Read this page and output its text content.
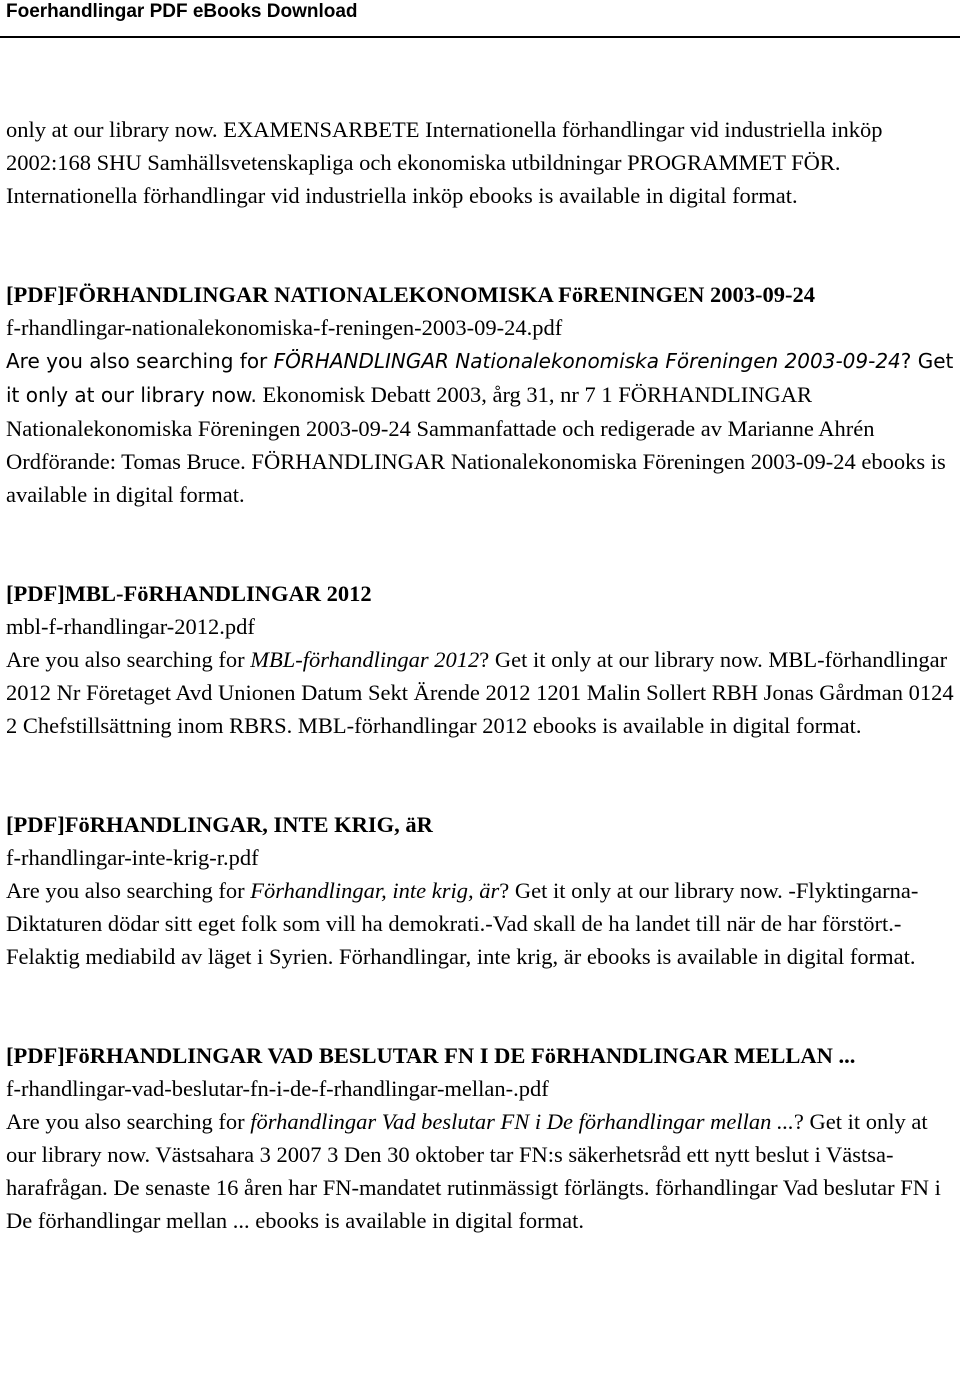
Foerhandlingar PDF eBooks Download

only at our library now. EXAMENSARBETE Internationella förhandlingar vid industriella inköp 2002:168 SHU Samhällsvetenskapliga och ekonomiska utbildningar PROGRAMMET FÖR. Internationella förhandlingar vid industriella inköp ebooks is available in digital format.

[PDF]FÖRHANDLINGAR NATIONALEKONOMISKA FöRENINGEN 2003-09-24

f-rhandlingar-nationalekonomiska-f-reningen-2003-09-24.pdf

Are you also searching for FÖRHANDLINGAR Nationalekonomiska Föreningen 2003-09-24? Get it only at our library now. Ekonomisk Debatt 2003, årg 31, nr 7 1 FÖRHANDLINGAR Nationalekonomiska Föreningen 2003-09-24 Sammanfattade och redigerade av Marianne Ahrén Ordförande: Tomas Bruce. FÖRHANDLINGAR Nationalekonomiska Föreningen 2003-09-24 ebooks is available in digital format.

[PDF]MBL-FöRHANDLINGAR 2012

mbl-f-rhandlingar-2012.pdf

Are you also searching for MBL-förhandlingar 2012? Get it only at our library now. MBL-förhandlingar 2012 Nr Företaget Avd Unionen Datum Sekt Ärende 2012 1201 Malin Sollert RBH Jonas Gårdman 0124 2 Chefstillsättning inom RBRS. MBL-förhandlingar 2012 ebooks is available in digital format.

[PDF]FöRHANDLINGAR, INTE KRIG, äR

f-rhandlingar-inte-krig-r.pdf

Are you also searching for Förhandlingar, inte krig, är? Get it only at our library now. -Flyktingarna-Diktaturen dödar sitt eget folk som vill ha demokrati.-Vad skall de ha landet till när de har förstört.-Felaktig mediabild av läget i Syrien. Förhandlingar, inte krig, är ebooks is available in digital format.

[PDF]FöRHANDLINGAR VAD BESLUTAR FN I DE FöRHANDLINGAR MELLAN ...

f-rhandlingar-vad-beslutar-fn-i-de-f-rhandlingar-mellan-.pdf

Are you also searching for förhandlingar Vad beslutar FN i De förhandlingar mellan ...? Get it only at our library now. Västsahara 3 2007 3 Den 30 oktober tar FN:s säkerhetsråd ett nytt beslut i Västsa-harafrågan. De senaste 16 åren har FN-mandatet rutinmässigt förlängts. förhandlingar Vad beslutar FN i De förhandlingar mellan ... ebooks is available in digital format.
